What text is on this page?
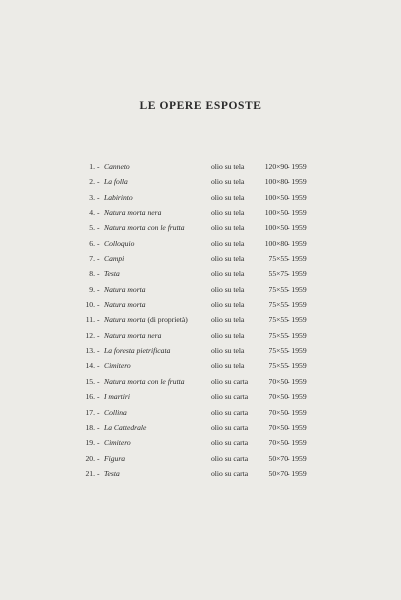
LE OPERE ESPOSTE
1. - Canneto	olio su tela	120×90 - 1959
2. - La folla	olio su tela	100×80 - 1959
3. - Labirinto	olio su tela	100×50 - 1959
4. - Natura morta nera	olio su tela	100×50 - 1959
5. - Natura morta con le frutta	olio su tela	100×50 - 1959
6. - Colloquio	olio su tela	100×80 - 1959
7. - Campi	olio su tela	75×55 - 1959
8. - Testa	olio su tela	55×75 - 1959
9. - Natura morta	olio su tela	75×55 - 1959
10. - Natura morta	olio su tela	75×55 - 1959
11. - Natura morta (di proprietà)	olio su tela	75×55 - 1959
12. - Natura morta nera	olio su tela	75×55 - 1959
13. - La foresta pietrificata	olio su tela	75×55 - 1959
14. - Cimitero	olio su tela	75×55 - 1959
15. - Natura morta con le frutta	olio su carta	70×50 - 1959
16. - I martiri	olio su carta	70×50 - 1959
17. - Collina	olio su carta	70×50 - 1959
18. - La Cattedrale	olio su carta	70×50 - 1959
19. - Cimitero	olio su carta	70×50 - 1959
20. - Figura	olio su carta	50×70 - 1959
21. - Testa	olio su carta	50×70 - 1959
